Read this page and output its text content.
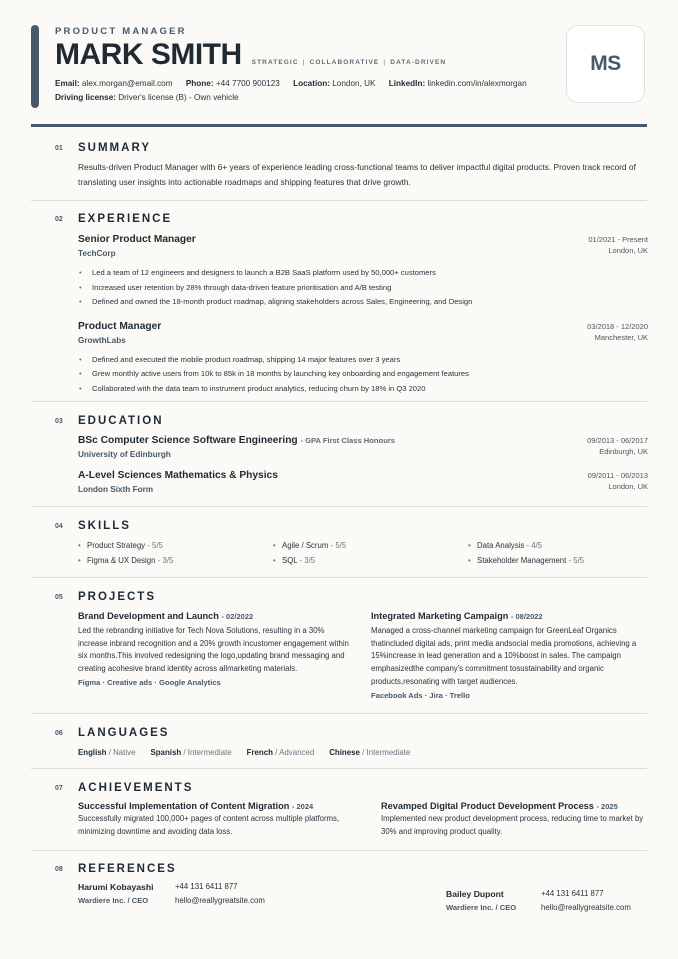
PRODUCT MANAGER
MARK SMITH STRATEGIC | COLLABORATIVE | DATA-DRIVEN
Email: alex.morgan@email.com Phone: +44 7700 900123 Location: London, UK LinkedIn: linkedin.com/in/alexmorgan
Driving license: Driver's license (B) - Own vehicle
MS
01	SUMMARY
Results-driven Product Manager with 6+ years of experience leading cross-functional teams to deliver impactful digital products. Proven track record of translating user insights into actionable roadmaps and shipping features that drive growth.
02	EXPERIENCE
Senior Product Manager
TechCorp
01/2021 - Present
London, UK
• Led a team of 12 engineers and designers to launch a B2B SaaS platform used by 50,000+ customers
• Increased user retention by 28% through data-driven feature prioritisation and A/B testing
• Defined and owned the 18-month product roadmap, aligning stakeholders across Sales, Engineering, and Design
Product Manager
GrowthLabs
03/2018 - 12/2020
Manchester, UK
• Defined and executed the mobile product roadmap, shipping 14 major features over 3 years
• Grew monthly active users from 10k to 85k in 18 months by launching key onboarding and engagement features
• Collaborated with the data team to instrument product analytics, reducing churn by 18% in Q3 2020
03	EDUCATION
BSc Computer Science Software Engineering - GPA First Class Honours
University of Edinburgh
09/2013 - 06/2017
Edinburgh, UK
A-Level Sciences Mathematics & Physics
London Sixth Form
09/2011 - 06/2013
London, UK
04	SKILLS
• Product Strategy - 5/5	• Agile / Scrum - 5/5	• Data Analysis - 4/5
• Figma & UX Design - 3/5	• SQL - 3/5	• Stakeholder Management - 5/5
05	PROJECTS
Brand Development and Launch - 02/2022
Led the rebranding initiative for Tech Nova Solutions, resulting in a 30% increase inbrand recognition and a 20% growth incustomer engagement within six months.This involved redesigning the logo,updating brand messaging and creating acohesive brand identity across allmarketing materials.
Figma · Creative ads · Google Analytics
Integrated Marketing Campaign - 08/2022
Managed a cross-channel marketing campaign for GreenLeaf Organics thatincluded digital ads, print media andsocial media promotions, achieving a 15%increase in lead generation and a 10%boost in sales. The campaign emphasizedthe company's commitment tosustainability and organic products,resonating with target audiences.
Facebook Ads · Jira · Trello
06	LANGUAGES
English / Native Spanish / Intermediate French / Advanced Chinese / Intermediate
07	ACHIEVEMENTS
Successful Implementation of Content Migration - 2024
Successfully migrated 100,000+ pages of content across multiple platforms, minimizing downtime and avoiding data loss.
Revamped Digital Product Development Process - 2025
Implemented new product development process, reducing time to market by 30% and improving product quality.
08	REFERENCES
Harumi Kobayashi	+44 131 6411 877
Wardiere Inc. / CEO	hello@reallygreatsite.com
Bailey Dupont	+44 131 6411 877
Wardiere Inc. / CEO	hello@reallygreatsite.com
